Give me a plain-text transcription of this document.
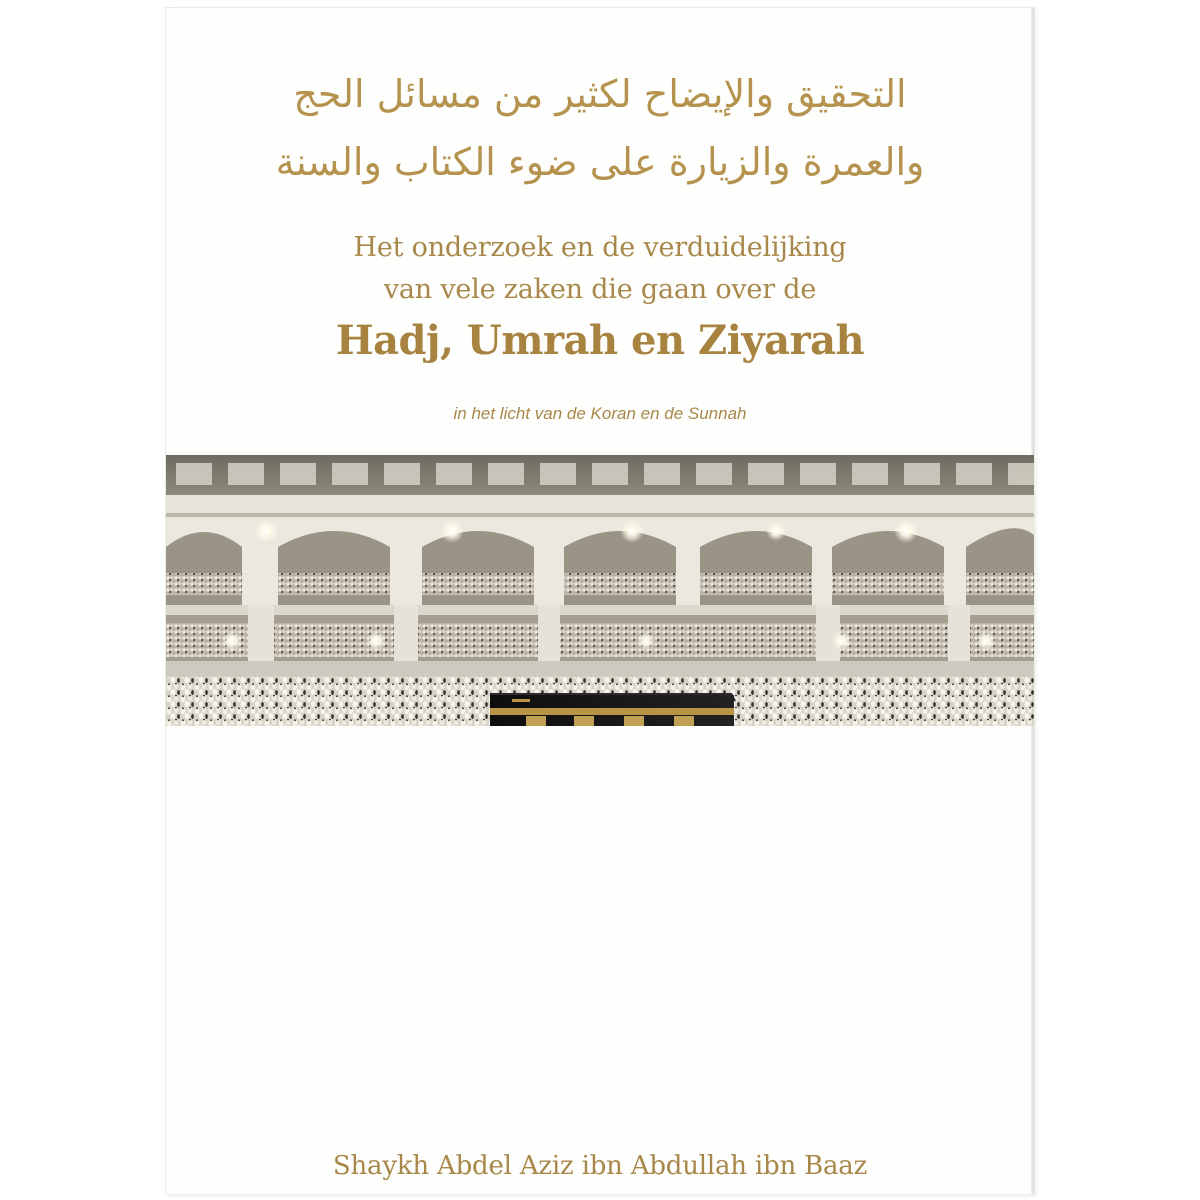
التحقيق والإيضاح لكثير من مسائل الحج
والعمرة والزيارة على ضوء الكتاب والسنة
Het onderzoek en de verduidelijking
van vele zaken die gaan over de
Hadj, Umrah en Ziyarah
in het licht van de Koran en de Sunnah
Shaykh Abdel Aziz ibn Abdullah ibn Baaz
